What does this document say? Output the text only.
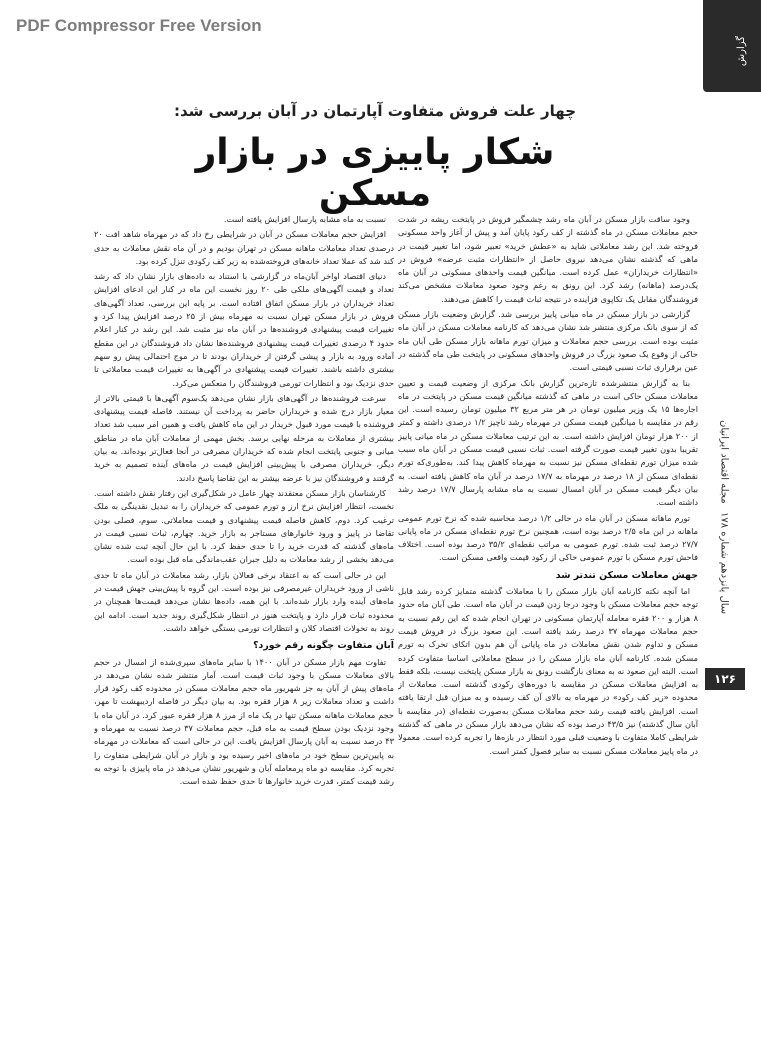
PDF Compressor Free Version
گزارش
مجله اقتصاد ایرانیان
سال پانزدهم شماره ۱۷۸
۱۲۶
چهار علت فروش متفاوت آپارتمان در آبان بررسی شد:
شکار پاییزی در بازار مسکن

وجود ساقت بازار مسکن در آبان ماه رشد چشمگیر فروش در پایتخت ریشه در شدت حجم معاملات مسکن در ماه گذشته از کف رکود پایان آمد و پیش از آغاز واحد مسکونی فروخته شد. این رشد معاملاتی شاید به «عطش خرید» تعبیر شود، اما تغییر قیمت در ماهی که گذشته نشان می‌دهد نیروی حاصل از «انتظارات مثبت عرضه» فروش در «انتظارات خریداران» عمل کرده است. میانگین قیمت واحدهای مسکونی در آبان ماه یک‌درصد (ماهانه) رشد کرد. این رونق به رغم وجود صعود معاملات مشخص می‌کند فروشندگان مقابل یک تکاپوی فزاینده در نتیجه ثبات قیمت را کاهش می‌دهند.

گزارشی در بازار مسکن در ماه میانی پاییز بررسی شد. گزارش وضعیت بازار مسکن که از سوی بانک مرکزی منتشر شد نشان می‌دهد که کارنامه معاملات مسکن در آبان ماه مثبت بوده است. بررسی حجم معاملات و میزان تورم ماهانه بازار مسکن طی آبان ماه حاکی از وقوع یک صعود بزرگ در فروش واحدهای مسکونی در پایتخت طی ماه گذشته در عین برقراری ثبات نسبی قیمتی است.

بنا به گزارش منتشرشده تازه‌ترین گزارش بانک مرکزی از وضعیت قیمت و تعیین معاملات مسکن حاکی است در ماهی که گذشته میانگین قیمت مسکن در پایتخت در ماه اجاره‌ها ۱۵ یک وزیر میلیون تومان در هر متر مربع ۳۲ میلیون تومان رسیده است. این رقم در مقایسه با میانگین قیمت مسکن در مهرماه رشد ناچیز ۱/۲ درصدی داشته و کمتر از ۲۰۰ هزار تومان افزایش داشته است. به این ترتیب معاملات مسکن در ماه میانی پاییز تقریبا بدون تغییر قیمت صورت گرفته است. ثبات نسبی قیمت مسکن در آبان ماه سبب شده میزان تورم نقطه‌ای مسکن نیز نسبت به مهرماه کاهش پیدا کند. به‌طوری‌که تورم نقطه‌ای مسکن از ۱۸ درصد در مهرماه به ۱۷/۷ درصد در آبان ماه کاهش یافته است. به بیان دیگر قیمت مسکن در آبان امسال نسبت به ماه مشابه پارسال ۱۷/۷ درصد رشد داشته است.

تورم ماهانه مسکن در آبان ماه در حالی ۱/۲ درصد محاسبه شده که نرخ تورم عمومی ماهانه در این ماه ۲/۵ درصد بوده است، همچنین نرخ تورم نقطه‌ای مسکن در ماه پایانی ۲۷/۷ درصد ثبت شده. تورم عمومی به مراتب نقطه‌ای ۳۵/۲ درصد بوده است. اختلاف فاحش تورم مسکن با تورم عمومی حاکی از رکود قیمت واقعی مسکن است.

جهش معاملات مسکن تندتر شد

اما آنچه نکته کارنامه آبان بازار مسکن را با معاملات گذشته متمایز کرده رشد قابل توجه حجم معاملات مسکن با وجود درجا زدن قیمت در آبان ماه است. طی آبان ماه حدود ۸ هزار و ۲۰۰ فقره معامله آپارتمان مسکونی در تهران انجام شده که این رقم نسبت به حجم معاملات مهرماه ۳۷ درصد رشد یافته است. این صعود بزرگ در فروش قیمت مسکن و تداوم شدن نقش معاملات در ماه پایانی آن هم بدون اتکای تحرک به تورم مسکن شده. کارنامه آبان ماه بازار مسکن را در سطح معاملاتی اساسا متفاوت کرده است. البته این صعود نه به معنای بازگشت رونق به بازار مسکن پایتخت نیست، بلکه فقط به افزایش معاملات مسکن در مقایسه با دوره‌های رکودی گذشته است. معاملات از محدوده «زیر کف رکود» در مهرماه به بالای آن کف رسیده و به میزان قبل ارتقا یافته است. افزایش یافته قیمت رشد حجم معاملات مسکن به‌صورت نقطه‌ای (در مقایسه با آبان سال گذشته) نیز ۴۳/۵ درصد بوده که نشان می‌دهد بازار مسکن در ماهی که گذشته شرایطی کاملا متفاوت با وضعیت قبلی مورد انتظار در بازه‌ها را تجربه کرده است. معمولا در ماه پاییز معاملات مسکن نسبت به سایر فصول کمتر است.

نسبت به ماه مشابه پارسال افزایش یافته است.

افزایش حجم معاملات مسکن در آبان در شرایطی رخ داد که در مهرماه شاهد افت ۲۰ درصدی تعداد معاملات ماهانه مسکن در تهران بودیم و در آن ماه نقش معاملات به حدی کند شد که عملا تعداد خانه‌های فروخته‌شده به زیر کف رکودی تنزل کرده بود.

دنیای اقتصاد اواخر آبان‌ماه در گزارشی با استناد به داده‌های بازار نشان داد که رشد تعداد و قیمت آگهی‌های ملکی طی ۲۰ روز نخست این ماه در کنار این ادعای افزایش تعداد خریداران در بازار مسکن اتفاق افتاده است. بر پایه این بررسی، تعداد آگهی‌های فروش در بازار مسکن تهران نسبت به مهرماه بیش از ۲۵ درصد افزایش پیدا کرد و تغییرات قیمت پیشنهادی فروشنده‌ها در آبان ماه نیز مثبت شد. این رشد در کنار اعلام حدود ۴ درصدی تغییرات قیمت پیشنهادی فروشنده‌ها نشان داد فروشندگان در این مقطع آماده ورود به بازار و پیشی گرفتن از خریداران بودند تا در موج احتمالی پیش رو سهم بیشتری داشته باشند. تغییرات قیمت پیشنهادی در آگهی‌ها به تغییرات قیمت معاملاتی تا حدی نزدیک بود و انتظارات تورمی فروشندگان را منعکس می‌کرد.

سرعت فروشنده‌ها در آگهی‌های بازار نشان می‌دهد یک‌سوم آگهی‌ها با قیمتی بالاتر از معیار بازار درج شده و خریداران حاضر به پرداخت آن نیستند. فاصله قیمت پیشنهادی فروشنده با قیمت مورد قبول خریدار در این ماه کاهش یافت و همین امر سبب شد تعداد بیشتری از معاملات به مرحله نهایی برسد. بخش مهمی از معاملات آبان ماه در مناطق میانی و جنوبی پایتخت انجام شده که خریداران مصرفی در آنجا فعال‌تر بوده‌اند. به بیان دیگر، خریداران مصرفی با پیش‌بینی افزایش قیمت در ماه‌های آینده تصمیم به خرید گرفتند و فروشندگان نیز با عرضه بیشتر به این تقاضا پاسخ دادند.

کارشناسان بازار مسکن معتقدند چهار عامل در شکل‌گیری این رفتار نقش داشته است. نخست، انتظار افزایش نرخ ارز و تورم عمومی که خریداران را به تبدیل نقدینگی به ملک ترغیب کرد. دوم، کاهش فاصله قیمت پیشنهادی و قیمت معاملاتی. سوم، فصلی بودن تقاضا در پاییز و ورود خانوارهای مستاجر به بازار خرید. چهارم، ثبات نسبی قیمت در ماه‌های گذشته که قدرت خرید را تا حدی حفظ کرد. با این حال آنچه ثبت شده نشان می‌دهد بخشی از رشد معاملات به دلیل جبران عقب‌ماندگی ماه قبل بوده است.

این در حالی است که به اعتقاد برخی فعالان بازار، رشد معاملات در آبان ماه تا حدی ناشی از ورود خریداران غیرمصرفی نیز بوده است. این گروه با پیش‌بینی جهش قیمت در ماه‌های آینده وارد بازار شده‌اند. با این همه، داده‌ها نشان می‌دهد قیمت‌ها همچنان در محدوده ثبات قرار دارد و پایتخت هنوز در انتظار شکل‌گیری روند جدید است. ادامه این روند به تحولات اقتصاد کلان و انتظارات تورمی بستگی خواهد داشت.

آبان متفاوت چگونه رقم خورد؟

تفاوت مهم بازار مسکن در آبان ۱۴۰۰ با سایر ماه‌های سپری‌شده از امسال در حجم بالای معاملات مسکن با وجود ثبات قیمت است. آمار منتشر شده نشان می‌دهد در ماه‌های پیش از آبان به جز شهریور ماه حجم معاملات مسکن در محدوده کف رکود قرار داشت و تعداد معاملات زیر ۸ هزار فقره بود. به بیان دیگر در فاصله اردیبهشت تا مهر، حجم معاملات ماهانه مسکن تنها در یک ماه از مرز ۸ هزار فقره عبور کرد. در آبان ماه با وجود نزدیک بودن سطح قیمت به ماه قبل، حجم معاملات ۳۷ درصد نسبت به مهرماه و ۴۳ درصد نسبت به آبان پارسال افزایش یافت. این در حالی است که معاملات در مهرماه به پایین‌ترین سطح خود در ماه‌های اخیر رسیده بود و بازار در آبان شرایطی متفاوت را تجربه کرد. مقایسه دو ماه پرمعامله آبان و شهریور نشان می‌دهد در ماه پاییزی با توجه به رشد قیمت کمتر، قدرت خرید خانوارها تا حدی حفظ شده است.
